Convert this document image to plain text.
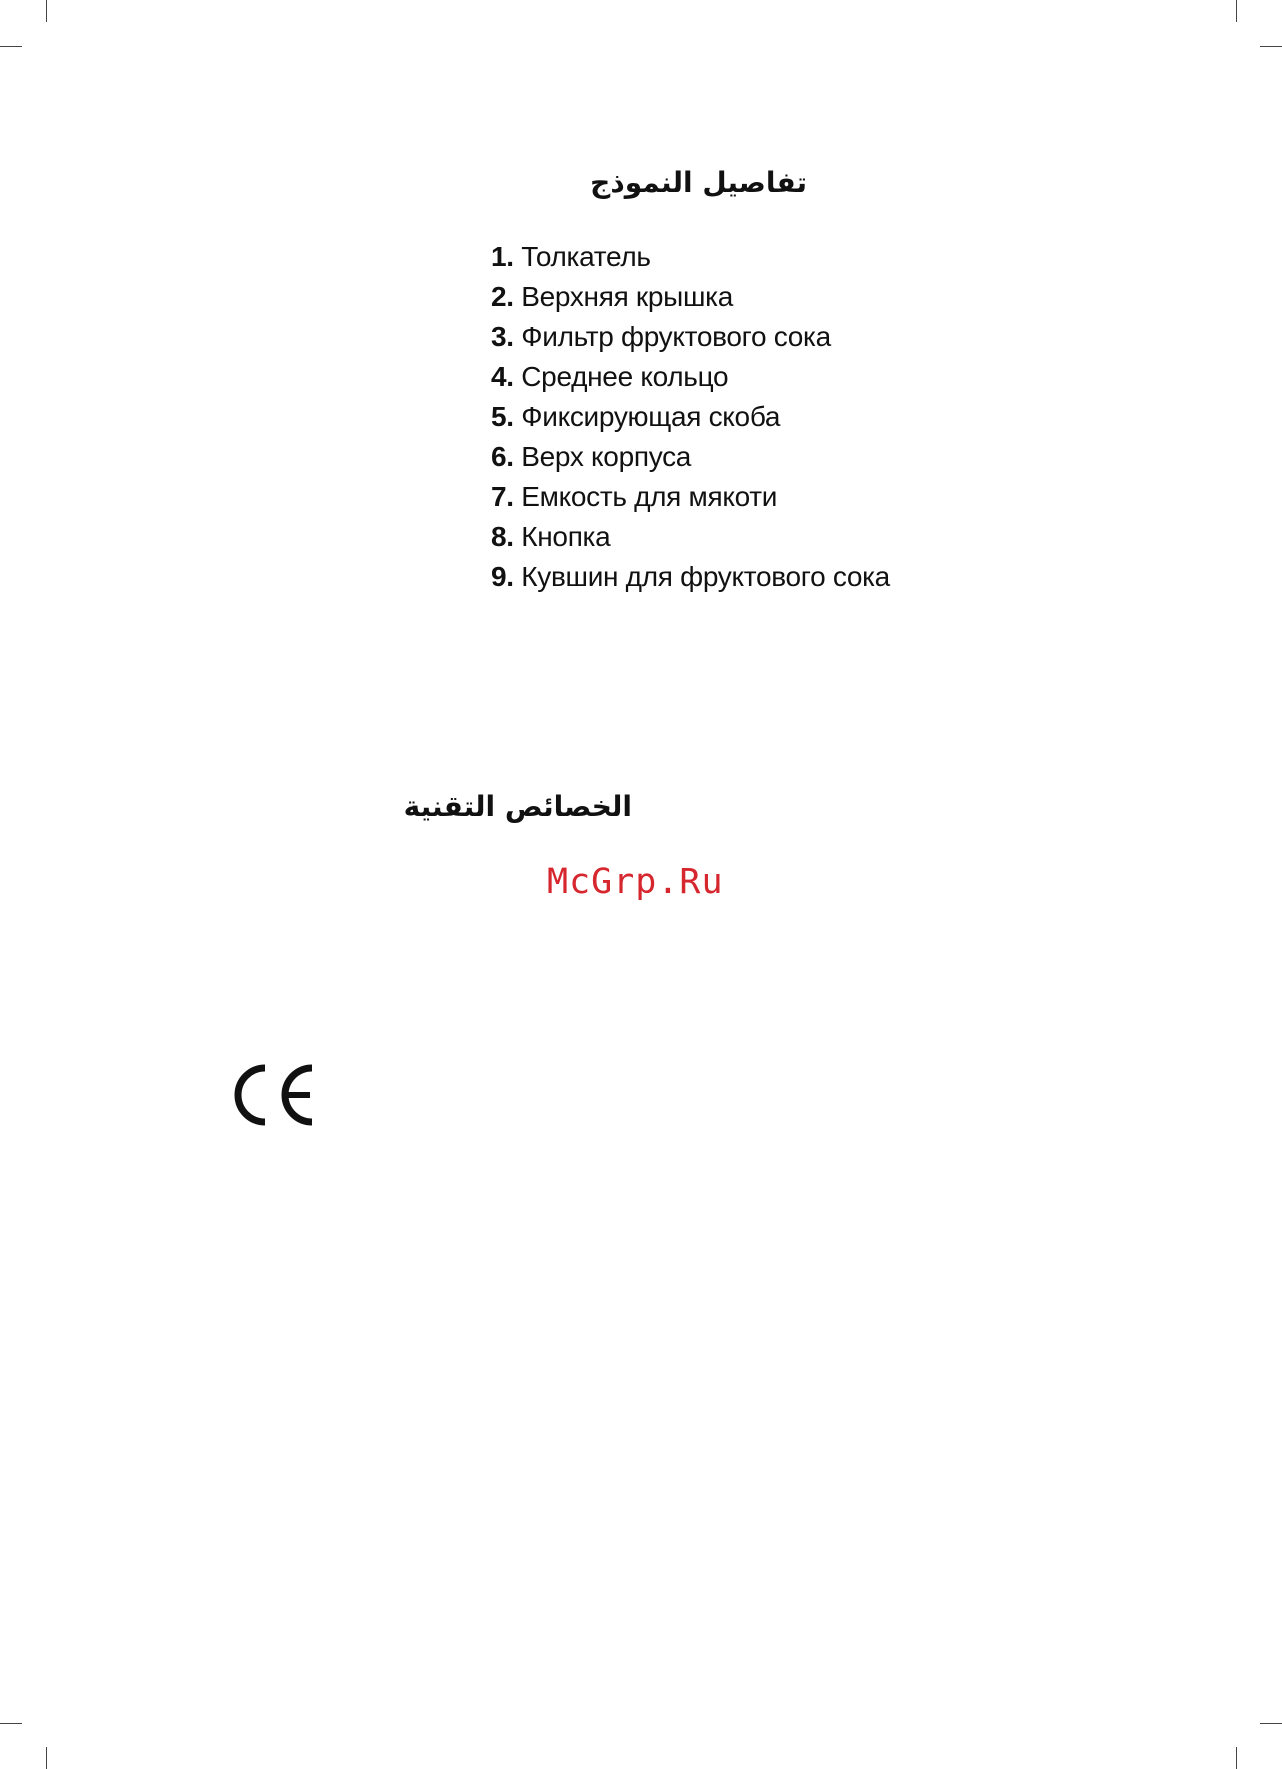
تفاصيل النموذج
1. Толкатель
2. Верхняя крышка
3. Фильтр фруктового сока
4. Среднее кольцо
5. Фиксирующая скоба
6. Верх корпуса
7. Емкость для мякоти
8. Кнопка
9. Кувшин для фруктового сока
الخصائص التقنية
McGrp.Ru
